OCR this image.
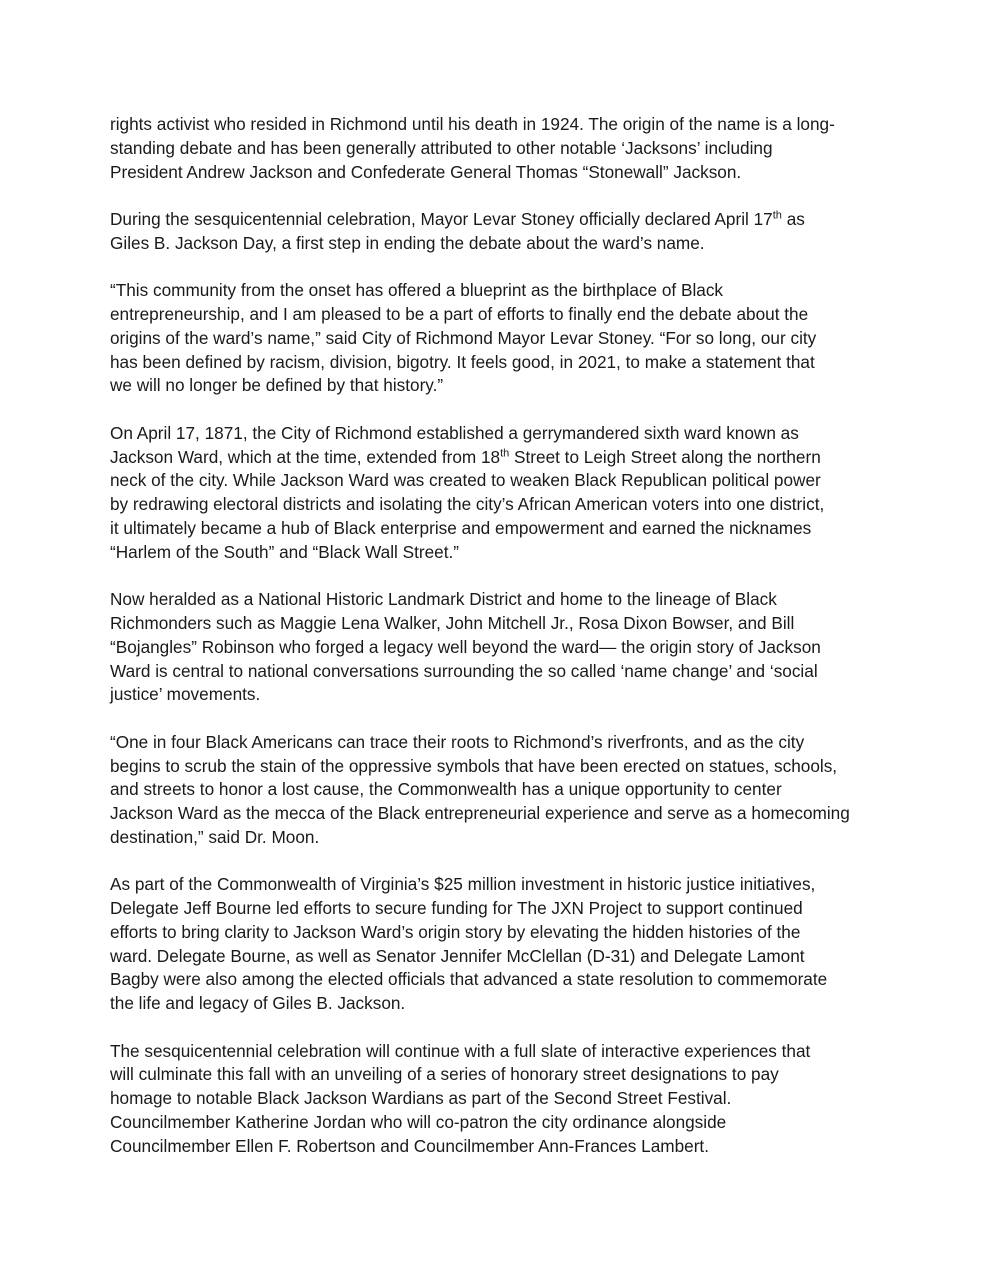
rights activist who resided in Richmond until his death in 1924. The origin of the name is a long-
standing debate and has been generally attributed to other notable ‘Jacksons’ including
President Andrew Jackson and Confederate General Thomas “Stonewall” Jackson.
During the sesquicentennial celebration, Mayor Levar Stoney officially declared April 17th as
Giles B. Jackson Day, a first step in ending the debate about the ward’s name.
“This community from the onset has offered a blueprint as the birthplace of Black
entrepreneurship, and I am pleased to be a part of efforts to finally end the debate about the
origins of the ward’s name,” said City of Richmond Mayor Levar Stoney. “For so long, our city
has been defined by racism, division, bigotry. It feels good, in 2021, to make a statement that
we will no longer be defined by that history.”
On April 17, 1871, the City of Richmond established a gerrymandered sixth ward known as
Jackson Ward, which at the time, extended from 18th Street to Leigh Street along the northern
neck of the city. While Jackson Ward was created to weaken Black Republican political power
by redrawing electoral districts and isolating the city’s African American voters into one district,
it ultimately became a hub of Black enterprise and empowerment and earned the nicknames
“Harlem of the South” and “Black Wall Street.”
Now heralded as a National Historic Landmark District and home to the lineage of Black
Richmonders such as Maggie Lena Walker, John Mitchell Jr., Rosa Dixon Bowser, and Bill
“Bojangles” Robinson who forged a legacy well beyond the ward— the origin story of Jackson
Ward is central to national conversations surrounding the so called ‘name change’ and ‘social
justice’ movements.
“One in four Black Americans can trace their roots to Richmond’s riverfronts, and as the city
begins to scrub the stain of the oppressive symbols that have been erected on statues, schools,
and streets to honor a lost cause, the Commonwealth has a unique opportunity to center
Jackson Ward as the mecca of the Black entrepreneurial experience and serve as a homecoming
destination,” said Dr. Moon.
As part of the Commonwealth of Virginia’s $25 million investment in historic justice initiatives,
Delegate Jeff Bourne led efforts to secure funding for The JXN Project to support continued
efforts to bring clarity to Jackson Ward’s origin story by elevating the hidden histories of the
ward. Delegate Bourne, as well as Senator Jennifer McClellan (D-31) and Delegate Lamont
Bagby were also among the elected officials that advanced a state resolution to commemorate
the life and legacy of Giles B. Jackson.
The sesquicentennial celebration will continue with a full slate of interactive experiences that
will culminate this fall with an unveiling of a series of honorary street designations to pay
homage to notable Black Jackson Wardians as part of the Second Street Festival.
Councilmember Katherine Jordan who will co-patron the city ordinance alongside
Councilmember Ellen F. Robertson and Councilmember Ann-Frances Lambert.
